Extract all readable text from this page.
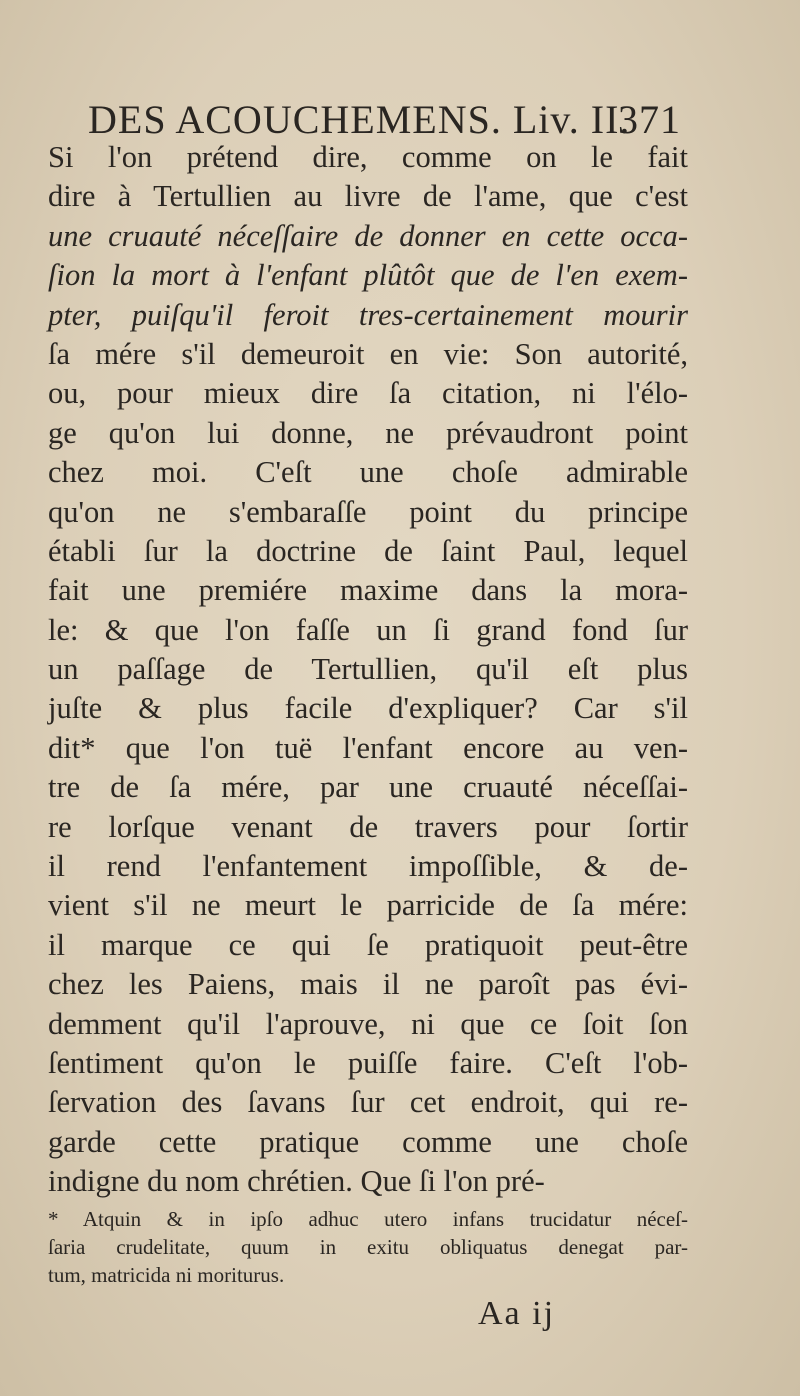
DES ACOUCHEMENS. Liv. II.
371
Si l'on prétend dire, comme on le fait
dire à Tertullien au livre de l'ame, que c'est
une cruauté néceſſaire de donner en cette occa-
ſion la mort à l'enfant plûtôt que de l'en exem-
pter, puiſqu'il feroit tres-certainement mourir
ſa mére s'il demeuroit en vie: Son autorité,
ou, pour mieux dire ſa citation, ni l'élo-
ge qu'on lui donne, ne prévaudront point
chez moi. C'eſt une choſe admirable
qu'on ne s'embaraſſe point du principe
établi ſur la doctrine de ſaint Paul, lequel
fait une premiére maxime dans la mora-
le: & que l'on faſſe un ſi grand fond ſur
un paſſage de Tertullien, qu'il eſt plus
juſte & plus facile d'expliquer? Car s'il
dit* que l'on tuë l'enfant encore au ven-
tre de ſa mére, par une cruauté néceſſai-
re lorſque venant de travers pour ſortir
il rend l'enfantement impoſſible, & de-
vient s'il ne meurt le parricide de ſa mére:
il marque ce qui ſe pratiquoit peut-être
chez les Paiens, mais il ne paroît pas évi-
demment qu'il l'aprouve, ni que ce ſoit ſon
ſentiment qu'on le puiſſe faire. C'eſt l'ob-
ſervation des ſavans ſur cet endroit, qui re-
garde cette pratique comme une choſe
indigne du nom chrétien. Que ſi l'on pré-
* Atquin & in ipſo adhuc utero infans trucidatur néceſ-
ſaria crudelitate, quum in exitu obliquatus denegat par-
tum, matricida ni moriturus.
Aa ij
